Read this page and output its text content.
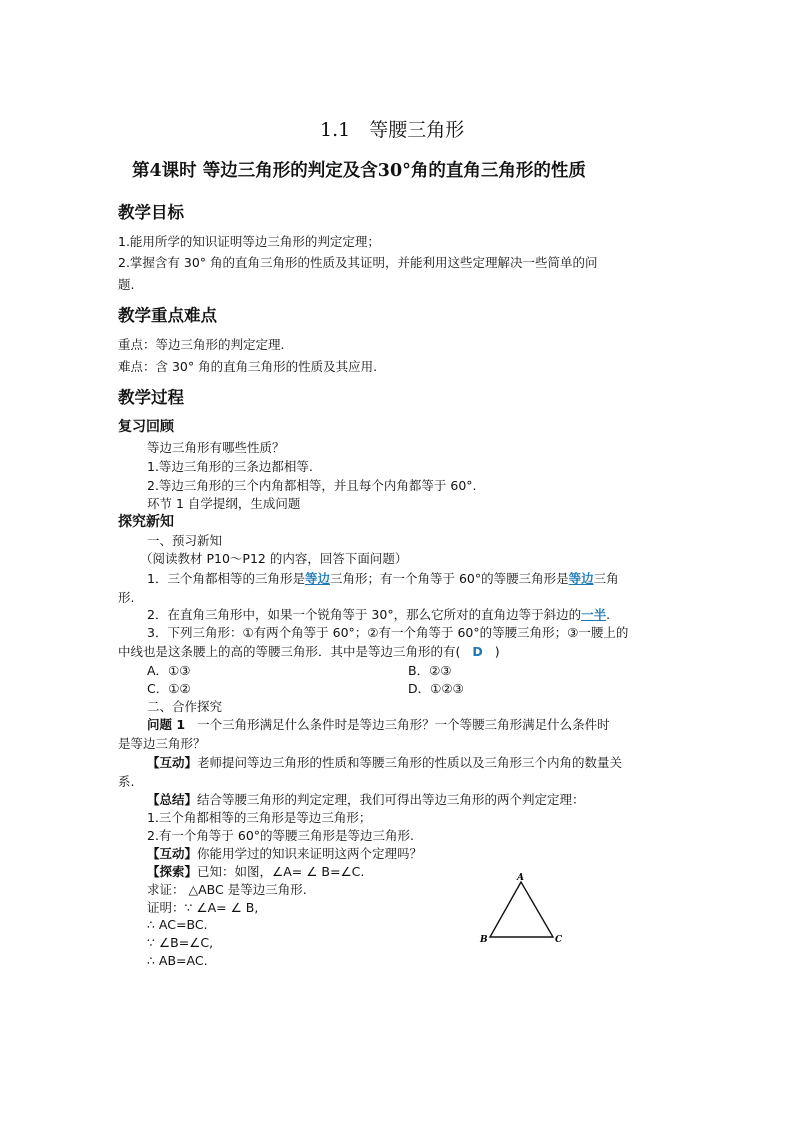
1.1　等腰三角形
第4课时 等边三角形的判定及含30°角的直角三角形的性质
教学目标
1.能用所学的知识证明等边三角形的判定定理；
2.掌握含有 30° 角的直角三角形的性质及其证明，并能利用这些定理解决一些简单的问
题.
教学重点难点
重点：等边三角形的判定定理.
难点：含 30° 角的直角三角形的性质及其应用.
教学过程
复习回顾
等边三角形有哪些性质？
1.等边三角形的三条边都相等.
2.等边三角形的三个内角都相等，并且每个内角都等于 60°.
环节 1 自学提纲，生成问题
探究新知
一、预习新知
（阅读教材 P10～P12 的内容，回答下面问题）
1．三个角都相等的三角形是等边三角形；有一个角等于 60°的等腰三角形是等边三角
形.
2．在直角三角形中，如果一个锐角等于 30°，那么它所对的直角边等于斜边的一半.
3．下列三角形：①有两个角等于 60°；②有一个角等于 60°的等腰三角形；③一腰上的
中线也是这条腰上的高的等腰三角形．其中是等边三角形的有( D )
A．①③	B．②③
C．①②	D．①②③
二、合作探究
问题 1 一个三角形满足什么条件时是等边三角形？一个等腰三角形满足什么条件时
是等边三角形？
【互动】老师提问等边三角形的性质和等腰三角形的性质以及三角形三个内角的数量关
系.
【总结】结合等腰三角形的判定定理，我们可得出等边三角形的两个判定定理：
1.三个角都相等的三角形是等边三角形；
2.有一个角等于 60°的等腰三角形是等边三角形.
【互动】你能用学过的知识来证明这两个定理吗？
【探索】已知：如图，∠A= ∠ B=∠C.
求证： △ABC 是等边三角形.
证明：∵ ∠A= ∠ B,
∴ AC=BC.
∵ ∠B=∠C,
∴ AB=AC.
A
B	C
